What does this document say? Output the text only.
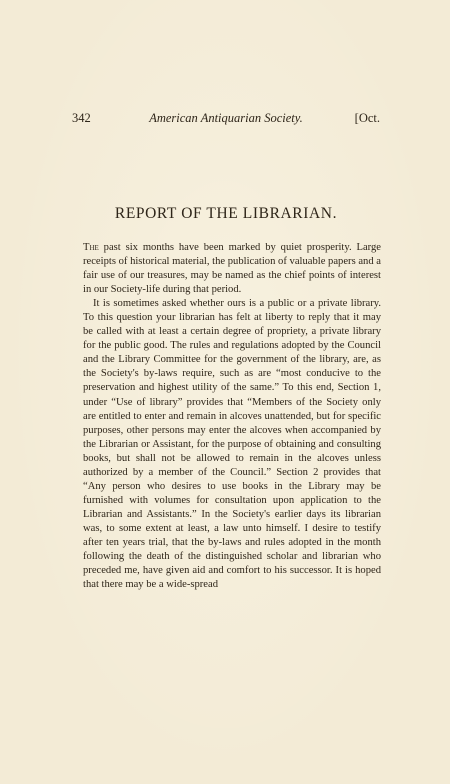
342	American Antiquarian Society.	[Oct.
REPORT OF THE LIBRARIAN.

The past six months have been marked by quiet prosperity. Large receipts of historical material, the publication of valuable papers and a fair use of our treasures, may be named as the chief points of interest in our Society-life during that period.

It is sometimes asked whether ours is a public or a private library. To this question your librarian has felt at liberty to reply that it may be called with at least a certain degree of propriety, a private library for the public good. The rules and regulations adopted by the Council and the Library Committee for the government of the library, are, as the Society's by-laws require, such as are “most conducive to the preservation and highest utility of the same.” To this end, Section 1, under “Use of library” provides that “Members of the Society only are entitled to enter and remain in alcoves unattended, but for specific purposes, other persons may enter the alcoves when accompanied by the Librarian or Assistant, for the purpose of obtaining and consulting books, but shall not be allowed to remain in the alcoves unless authorized by a member of the Council.” Section 2 provides that “Any person who desires to use books in the Library may be furnished with volumes for consultation upon application to the Librarian and Assistants.” In the Society's earlier days its librarian was, to some extent at least, a law unto himself. I desire to testify after ten years trial, that the by-laws and rules adopted in the month following the death of the distinguished scholar and librarian who preceded me, have given aid and comfort to his successor. It is hoped that there may be a wide-spread
